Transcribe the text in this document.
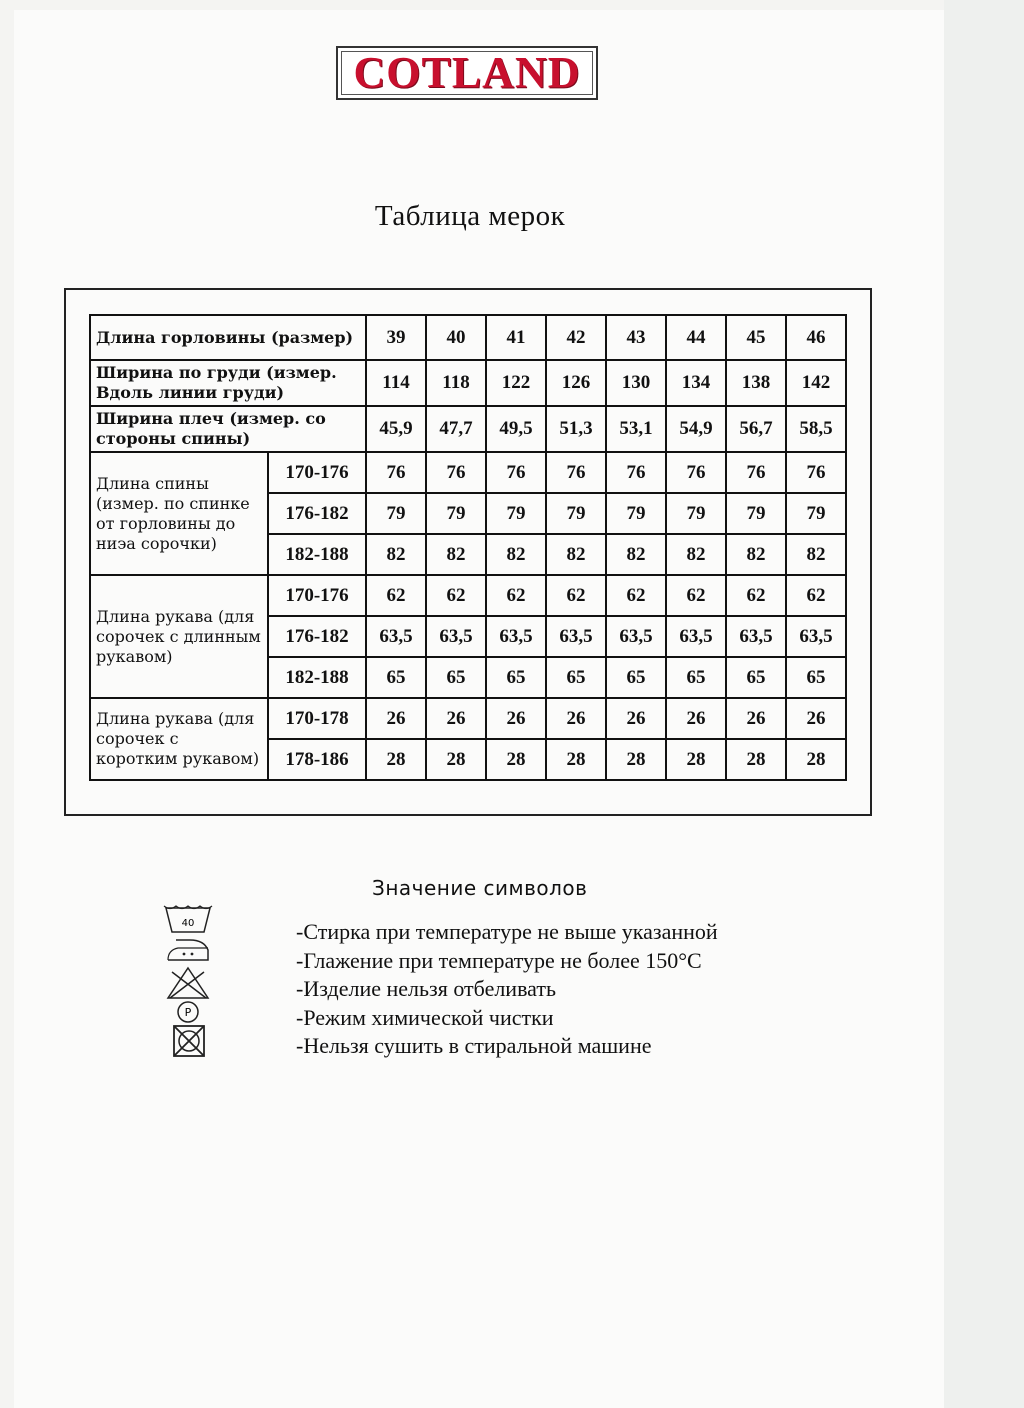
COTLAND
Таблица мерок
Длина горловины (размер)		39	40	41	42	43	44	45	46
Ширина по груди (измер. Вдоль линии груди)		114	118	122	126	130	134	138	142
Ширина плеч (измер. со стороны спины)		45,9	47,7	49,5	51,3	53,1	54,9	56,7	58,5
Длина спины (измер. по спинке от горловины до ниэа сорочки)	170-176	76	76	76	76	76	76	76	76
	176-182	79	79	79	79	79	79	79	79
	182-188	82	82	82	82	82	82	82	82
Длина рукава (для сорочек с длинным рукавом)	170-176	62	62	62	62	62	62	62	62
	176-182	63,5	63,5	63,5	63,5	63,5	63,5	63,5	63,5
	182-188	65	65	65	65	65	65	65	65
Длина рукава (для сорочек с коротким рукавом)	170-178	26	26	26	26	26	26	26	26
	178-186	28	28	28	28	28	28	28	28
Значение символов
40
P
-Стирка при температуре не выше указанной
-Глажение при температуре не более 150°C
-Изделие нельзя отбеливать
-Режим химической чистки
-Нельзя сушить в стиральной машине
